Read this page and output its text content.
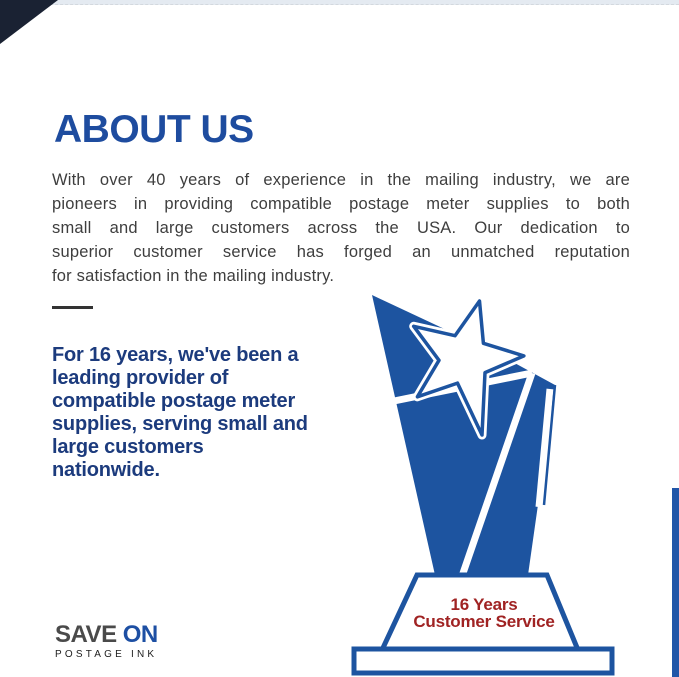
ABOUT US
With over 40 years of experience in the mailing industry, we are
pioneers in providing compatible postage meter supplies to both
small and large customers across the USA. Our dedication to
superior customer service has forged an unmatched reputation
for satisfaction in the mailing industry.
For 16 years, we've been a
leading provider of
compatible postage meter
supplies, serving small and
large customers
nationwide.
16 Years
Customer Service
SAVE ON
POSTAGE INK
